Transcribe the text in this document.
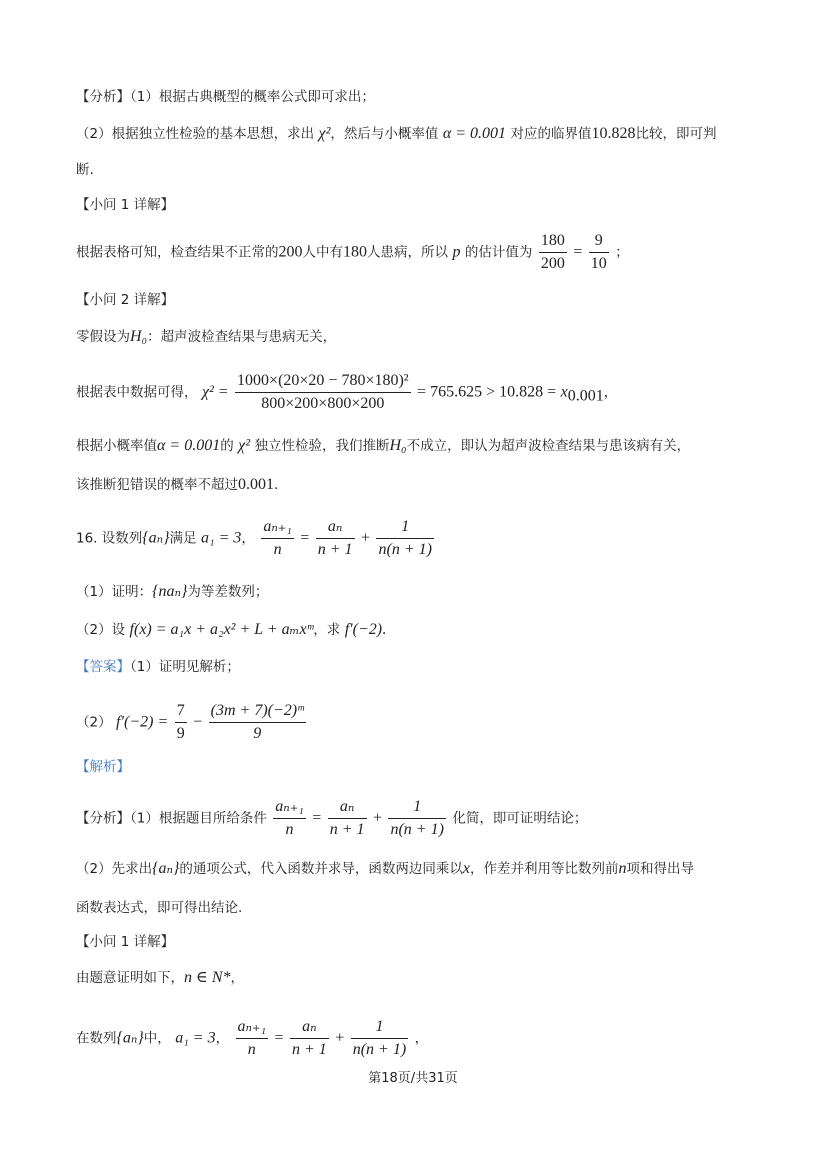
【分析】（1）根据古典概型的概率公式即可求出；
（2）根据独立性检验的基本思想，求出 χ²，然后与小概率值 α = 0.001 对应的临界值10.828比较，即可判
断.
【小问 1 详解】
根据表格可知，检查结果不正常的200人中有180人患病，所以 p 的估计值为 $\frac{180}{200} = \frac{9}{10}$ ；
【小问 2 详解】
零假设为H₀：超声波检查结果与患病无关，
根据表中数据可得， $\chi^2 = \frac{\text{1000×(20×20 − 780×180)²}}{800\times 200\times 800\times 200} = 765.625 > 10.828 = x_{0.001}$，
根据小概率值α = 0.001的 χ² 独立性检验，我们推断H₀不成立，即认为超声波检查结果与患该病有关，
该推断犯错误的概率不超过0.001.
16. 设数列{aₙ}满足 a₁ = 3， $\frac{\text{aₙ₊₁}}{n} = \frac{\text{aₙ}}{n + 1} + \frac{1}{n(n + 1)}$
（1）证明：{naₙ}为等差数列；
（2）设 f(x) = a₁x + a₂x² + L + aₘxᵐ，求 f′(−2).
【答案】（1）证明见解析；
（2） $f'(-2) = \frac{7}{9} - \frac{\text{(3m + 7)(−2)ᵐ}}{9}$
【解析】
【分析】（1）根据题目所给条件 $\frac{\text{aₙ₊₁}}{n} = \frac{\text{aₙ}}{n + 1} + \frac{1}{n(n + 1)}$ 化简，即可证明结论；
（2）先求出{aₙ}的通项公式，代入函数并求导，函数两边同乘以x，作差并利用等比数列前n项和得出导
函数表达式，即可得出结论.
【小问 1 详解】
由题意证明如下，n ∈ N*，
在数列{aₙ}中， a₁ = 3， $\frac{\text{aₙ₊₁}}{n} = \frac{\text{aₙ}}{n + 1} + \frac{1}{n(n + 1)}$ ，
第18页/共31页
